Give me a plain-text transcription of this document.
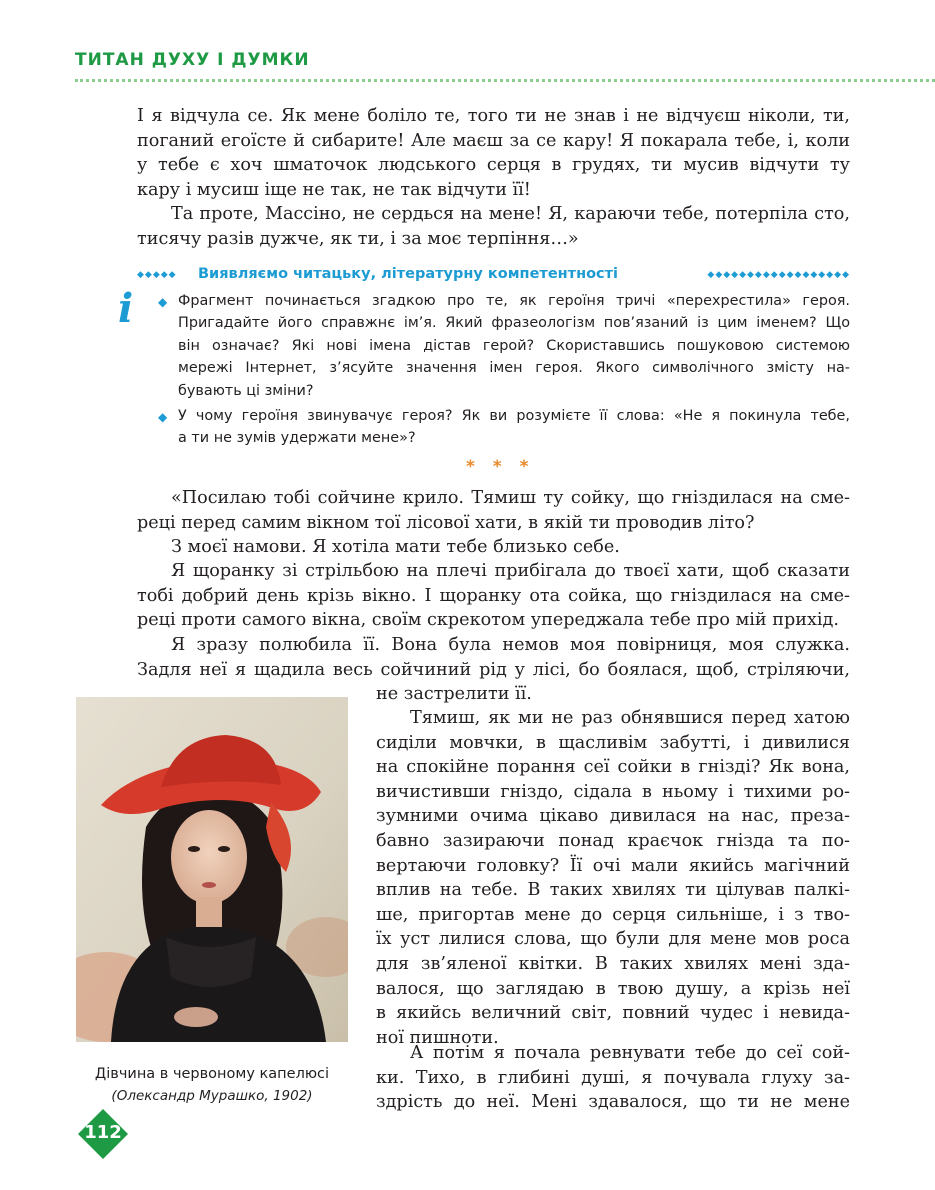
ТИТАН ДУХУ І ДУМКИ
І я відчула се. Як мене боліло те, того ти не знав і не відчуєш ніколи, ти,
поганий егоїсте й сибарите! Але маєш за се кару! Я покарала тебе, і, коли
у тебе є хоч шматочок людського серця в грудях, ти мусив відчути ту
кару і мусиш іще не так, не так відчути її!
Та проте, Массіно, не сердься на мене! Я, караючи тебе, потерпіла сто,
тисячу разів дужче, як ти, і за моє терпіння…»
◆◆◆◆◆ Виявляємо читацьку, літературну компетентності	◆◆◆◆◆◆◆◆◆◆◆◆◆◆◆◆◆◆
i ◆ Фрагмент починається згадкою про те, як героїня тричі «перехрестила» героя.
Пригадайте його справжнє ім’я. Який фразеологізм пов’язаний із цим іменем? Що
він означає? Які нові імена дістав герой? Скориставшись пошуковою системою
мережі Інтернет, з’ясуйте значення імен героя. Якого символічного змісту на-
бувають ці зміни?
◆ У чому героїня звинувачує героя? Як ви розумієте її слова: «Не я покинула тебе,
а ти не зумів удержати мене»?
* * *
«Посилаю тобі сойчине крило. Тямиш ту сойку, що гніздилася на сме-
реці перед самим вікном тої лісової хати, в якій ти проводив літо?
З моєї намови. Я хотіла мати тебе близько себе.
Я щоранку зі стрільбою на плечі прибігала до твоєї хати, щоб сказати
тобі добрий день крізь вікно. І щоранку ота сойка, що гніздилася на сме-
реці проти самого вікна, своїм скрекотом упереджала тебе про мій прихід.
Я зразу полюбила її. Вона була немов моя повірниця, моя служка.
Задля неї я щадила весь сойчиний рід у лісі, бо боялася, щоб, стріляючи,
не застрелити її.
Тямиш, як ми не раз обнявшися перед хатою
сиділи мовчки, в щасливім забутті, і дивилися
на спокійне порання сеї сойки в гнізді? Як вона,
вичистивши гніздо, сідала в ньому і тихими ро-
зумними очима цікаво дивилася на нас, преза-
бавно зазираючи понад краєчок гнізда та по-
вертаючи головку? Її очі мали якийсь магічний
вплив на тебе. В таких хвилях ти цілував палкі-
ше, пригортав мене до серця сильніше, і з тво-
їх уст лилися слова, що були для мене мов роса
для зв’яленої квітки. В таких хвилях мені зда-
валося, що заглядаю в твою душу, а крізь неї
в якийсь величний світ, повний чудес і невида-
ної пишноти.
А потім я почала ревнувати тебе до сеї сой-
ки. Тихо, в глибині душі, я почувала глуху за-
здрість до неї. Мені здавалося, що ти не мене
Дівчина в червоному капелюсі
(Олександр Мурашко, 1902)
112
